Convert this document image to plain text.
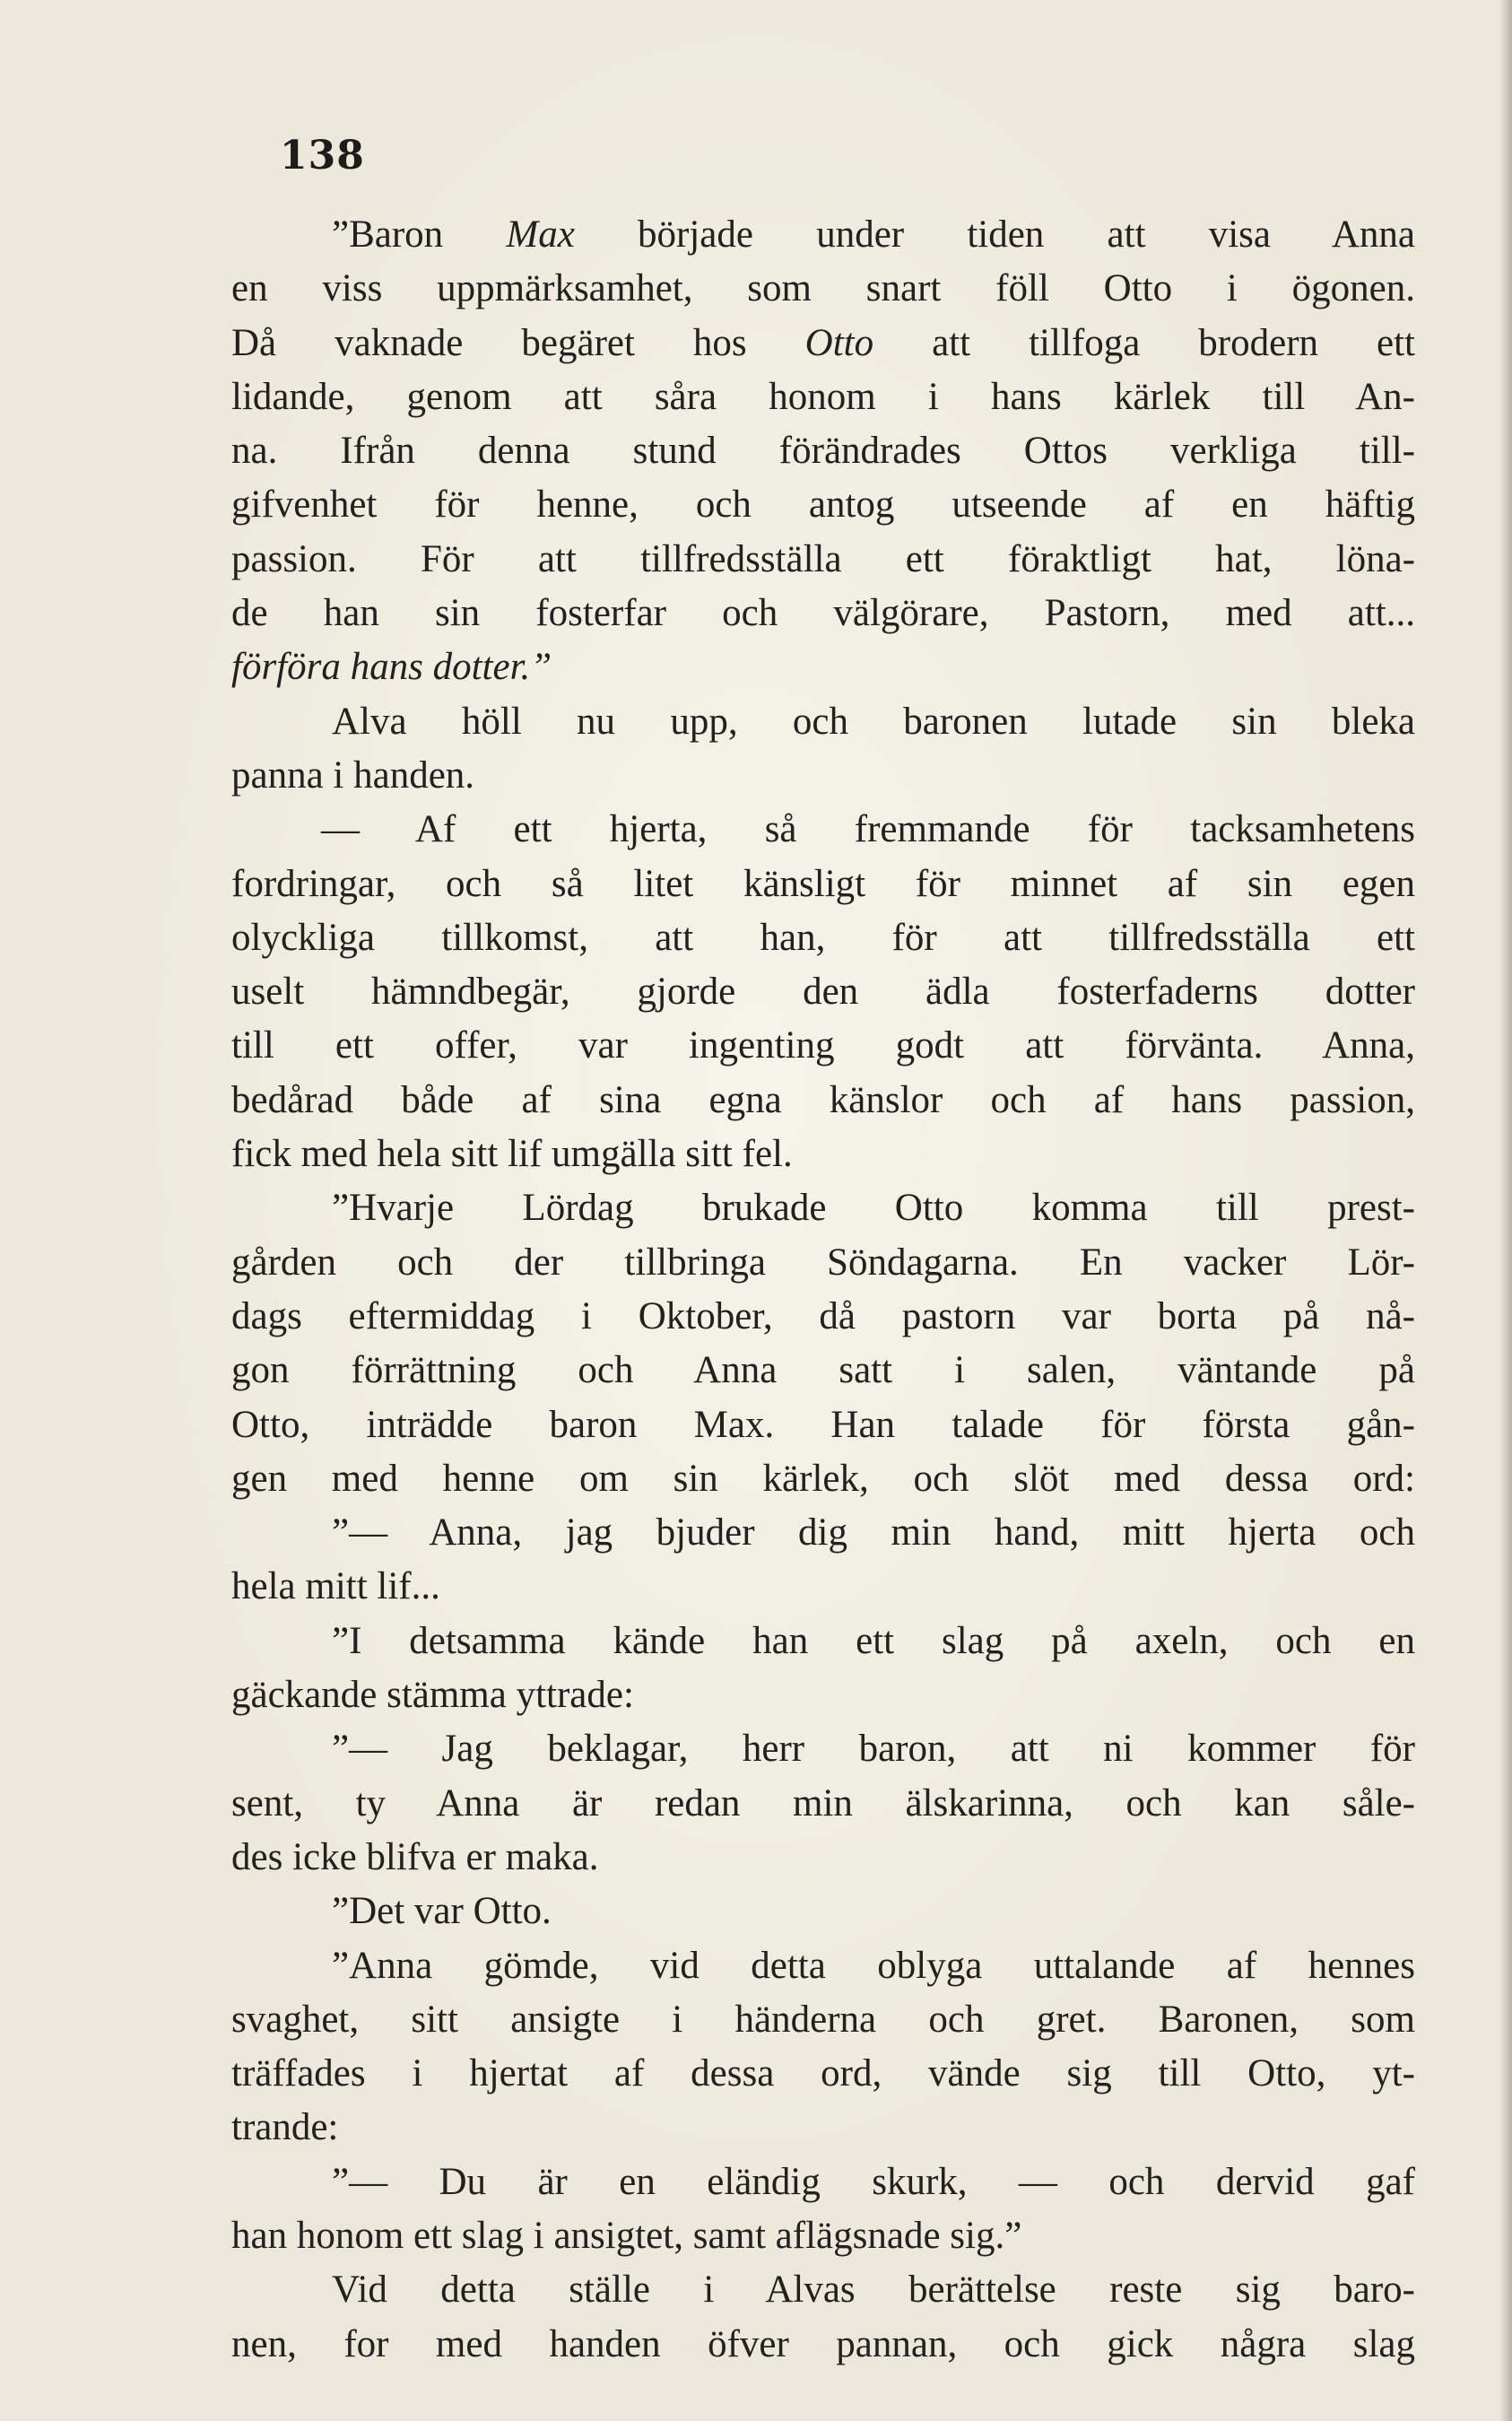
138
”Baron Max började under tiden att visa Anna
en viss uppmärksamhet, som snart föll Otto i ögonen.
Då vaknade begäret hos Otto att tillfoga brodern ett
lidande, genom att såra honom i hans kärlek till An-
na. Ifrån denna stund förändrades Ottos verkliga till-
gifvenhet för henne, och antog utseende af en häftig
passion. För att tillfredsställa ett föraktligt hat, löna-
de han sin fosterfar och välgörare, Pastorn, med att...
förföra hans dotter.”
Alva höll nu upp, och baronen lutade sin bleka
panna i handen.
— Af ett hjerta, så fremmande för tacksamhetens
fordringar, och så litet känsligt för minnet af sin egen
olyckliga tillkomst, att han, för att tillfredsställa ett
uselt hämndbegär, gjorde den ädla fosterfaderns dotter
till ett offer, var ingenting godt att förvänta. Anna,
bedårad både af sina egna känslor och af hans passion,
fick med hela sitt lif umgälla sitt fel.
”Hvarje Lördag brukade Otto komma till prest-
gården och der tillbringa Söndagarna. En vacker Lör-
dags eftermiddag i Oktober, då pastorn var borta på nå-
gon förrättning och Anna satt i salen, väntande på
Otto, inträdde baron Max. Han talade för första gån-
gen med henne om sin kärlek, och slöt med dessa ord:
”— Anna, jag bjuder dig min hand, mitt hjerta och
hela mitt lif...
”I detsamma kände han ett slag på axeln, och en
gäckande stämma yttrade:
”— Jag beklagar, herr baron, att ni kommer för
sent, ty Anna är redan min älskarinna, och kan såle-
des icke blifva er maka.
”Det var Otto.
”Anna gömde, vid detta oblyga uttalande af hennes
svaghet, sitt ansigte i händerna och gret. Baronen, som
träffades i hjertat af dessa ord, vände sig till Otto, yt-
trande:
”— Du är en eländig skurk, — och dervid gaf
han honom ett slag i ansigtet, samt aflägsnade sig.”
Vid detta ställe i Alvas berättelse reste sig baro-
nen, for med handen öfver pannan, och gick några slag
